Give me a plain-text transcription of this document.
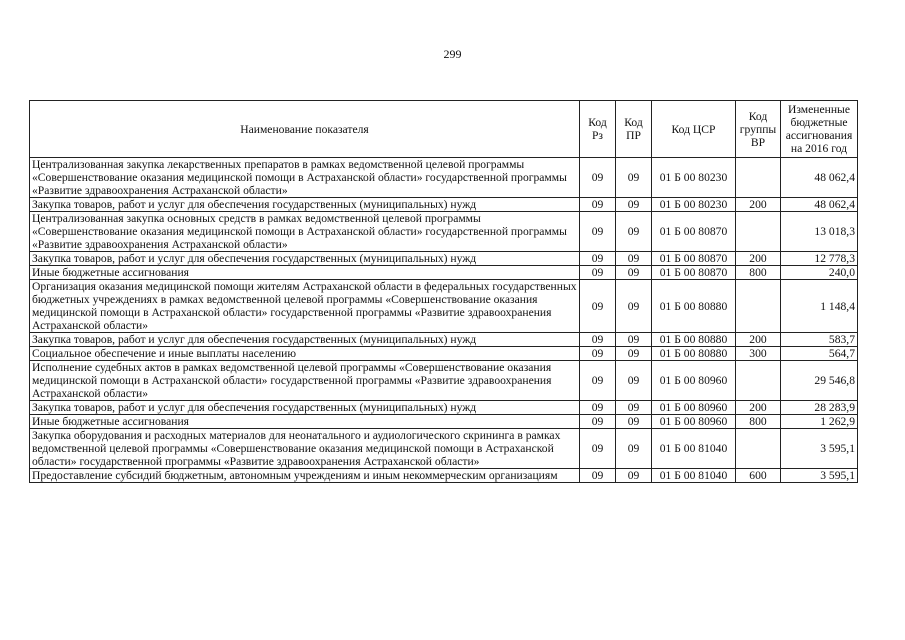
299
Наименование показателя	Код Рз	Код ПР	Код ЦСР	Код группы ВР	Измененные бюджетные ассигнования на 2016 год
Централизованная закупка лекарственных препаратов в рамках ведомственной целевой программы «Совершенствование оказания медицинской помощи в Астраханской области» государственной программы «Развитие здравоохранения Астраханской области»	09	09	01 Б 00 80230		48 062,4
Закупка товаров, работ и услуг для обеспечения государственных (муниципальных) нужд	09	09	01 Б 00 80230	200	48 062,4
Централизованная закупка основных средств в рамках ведомственной целевой программы «Совершенствование оказания медицинской помощи в Астраханской области» государственной программы «Развитие здравоохранения Астраханской области»	09	09	01 Б 00 80870		13 018,3
Закупка товаров, работ и услуг для обеспечения государственных (муниципальных) нужд	09	09	01 Б 00 80870	200	12 778,3
Иные бюджетные ассигнования	09	09	01 Б 00 80870	800	240,0
Организация оказания медицинской помощи жителям Астраханской области в федеральных государственных бюджетных учреждениях в рамках ведомственной целевой программы «Совершенствование оказания медицинской помощи в Астраханской области» государственной программы «Развитие здравоохранения Астраханской области»	09	09	01 Б 00 80880		1 148,4
Закупка товаров, работ и услуг для обеспечения государственных (муниципальных) нужд	09	09	01 Б 00 80880	200	583,7
Социальное обеспечение и иные выплаты населению	09	09	01 Б 00 80880	300	564,7
Исполнение судебных актов в рамках ведомственной целевой программы «Совершенствование оказания медицинской помощи в Астраханской области» государственной программы «Развитие здравоохранения Астраханской области»	09	09	01 Б 00 80960		29 546,8
Закупка товаров, работ и услуг для обеспечения государственных (муниципальных) нужд	09	09	01 Б 00 80960	200	28 283,9
Иные бюджетные ассигнования	09	09	01 Б 00 80960	800	1 262,9
Закупка оборудования и расходных материалов для неонатального и аудиологического скрининга в рамках ведомственной целевой программы «Совершенствование оказания медицинской помощи в Астраханской области» государственной программы «Развитие здравоохранения Астраханской области»	09	09	01 Б 00 81040		3 595,1
Предоставление субсидий бюджетным, автономным учреждениям и иным некоммерческим организациям	09	09	01 Б 00 81040	600	3 595,1
